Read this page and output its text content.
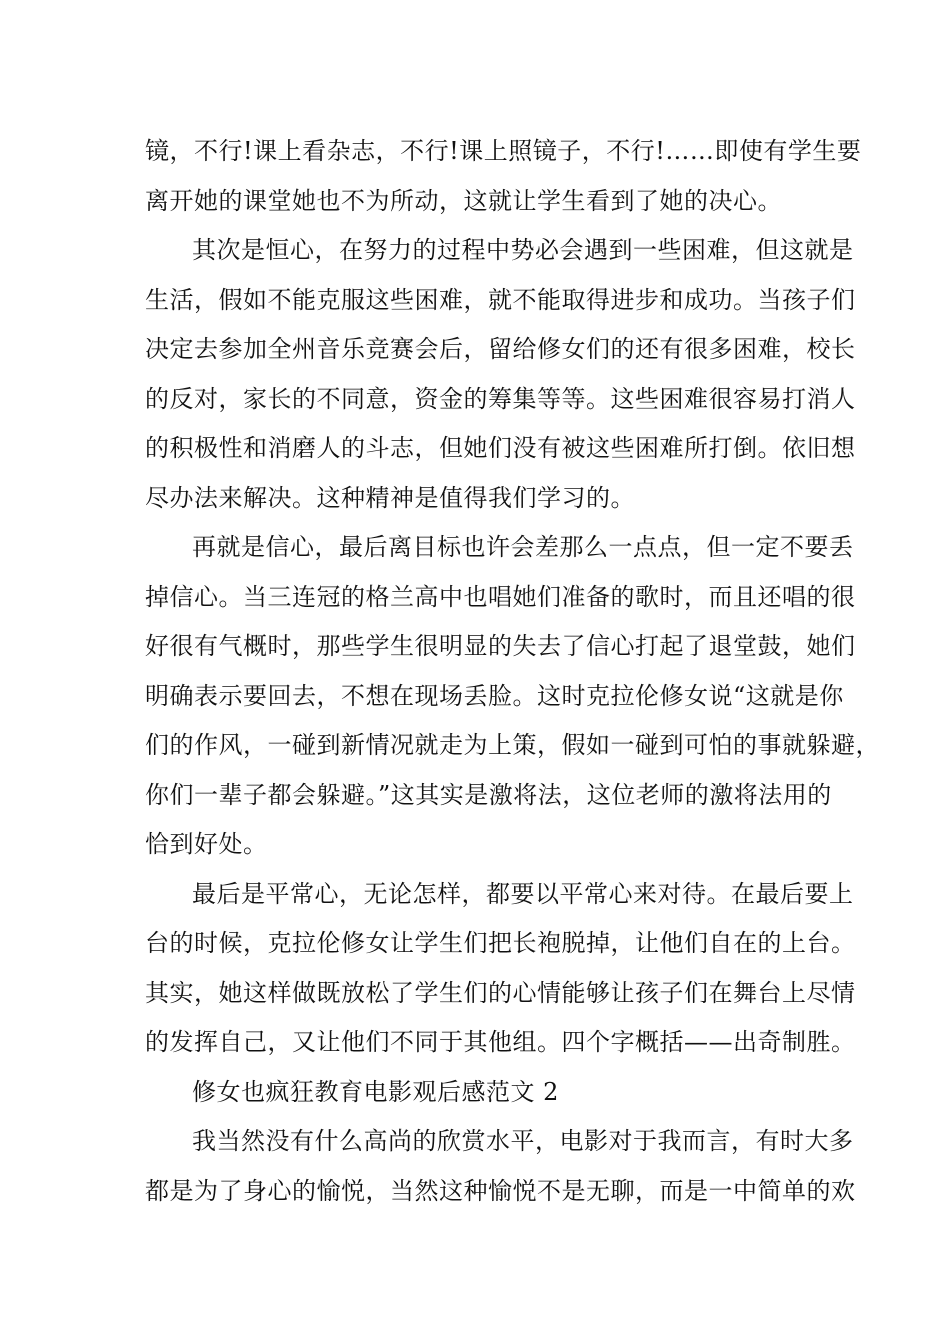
镜，不行!课上看杂志，不行!课上照镜子，不行!……即使有学生要
离开她的课堂她也不为所动，这就让学生看到了她的决心。
其次是恒心，在努力的过程中势必会遇到一些困难，但这就是
生活，假如不能克服这些困难，就不能取得进步和成功。当孩子们
决定去参加全州音乐竞赛会后，留给修女们的还有很多困难，校长
的反对，家长的不同意，资金的筹集等等。这些困难很容易打消人
的积极性和消磨人的斗志，但她们没有被这些困难所打倒。依旧想
尽办法来解决。这种精神是值得我们学习的。
再就是信心，最后离目标也许会差那么一点点，但一定不要丢
掉信心。当三连冠的格兰高中也唱她们准备的歌时，而且还唱的很
好很有气概时，那些学生很明显的失去了信心打起了退堂鼓，她们
明确表示要回去，不想在现场丢脸。这时克拉伦修女说“这就是你
们的作风，一碰到新情况就走为上策，假如一碰到可怕的事就躲避，
你们一辈子都会躲避。”这其实是激将法，这位老师的激将法用的
恰到好处。
最后是平常心，无论怎样，都要以平常心来对待。在最后要上
台的时候，克拉伦修女让学生们把长袍脱掉，让他们自在的上台。
其实，她这样做既放松了学生们的心情能够让孩子们在舞台上尽情
的发挥自己，又让他们不同于其他组。四个字概括——出奇制胜。
修女也疯狂教育电影观后感范文 2
我当然没有什么高尚的欣赏水平，电影对于我而言，有时大多
都是为了身心的愉悦，当然这种愉悦不是无聊，而是一中简单的欢
